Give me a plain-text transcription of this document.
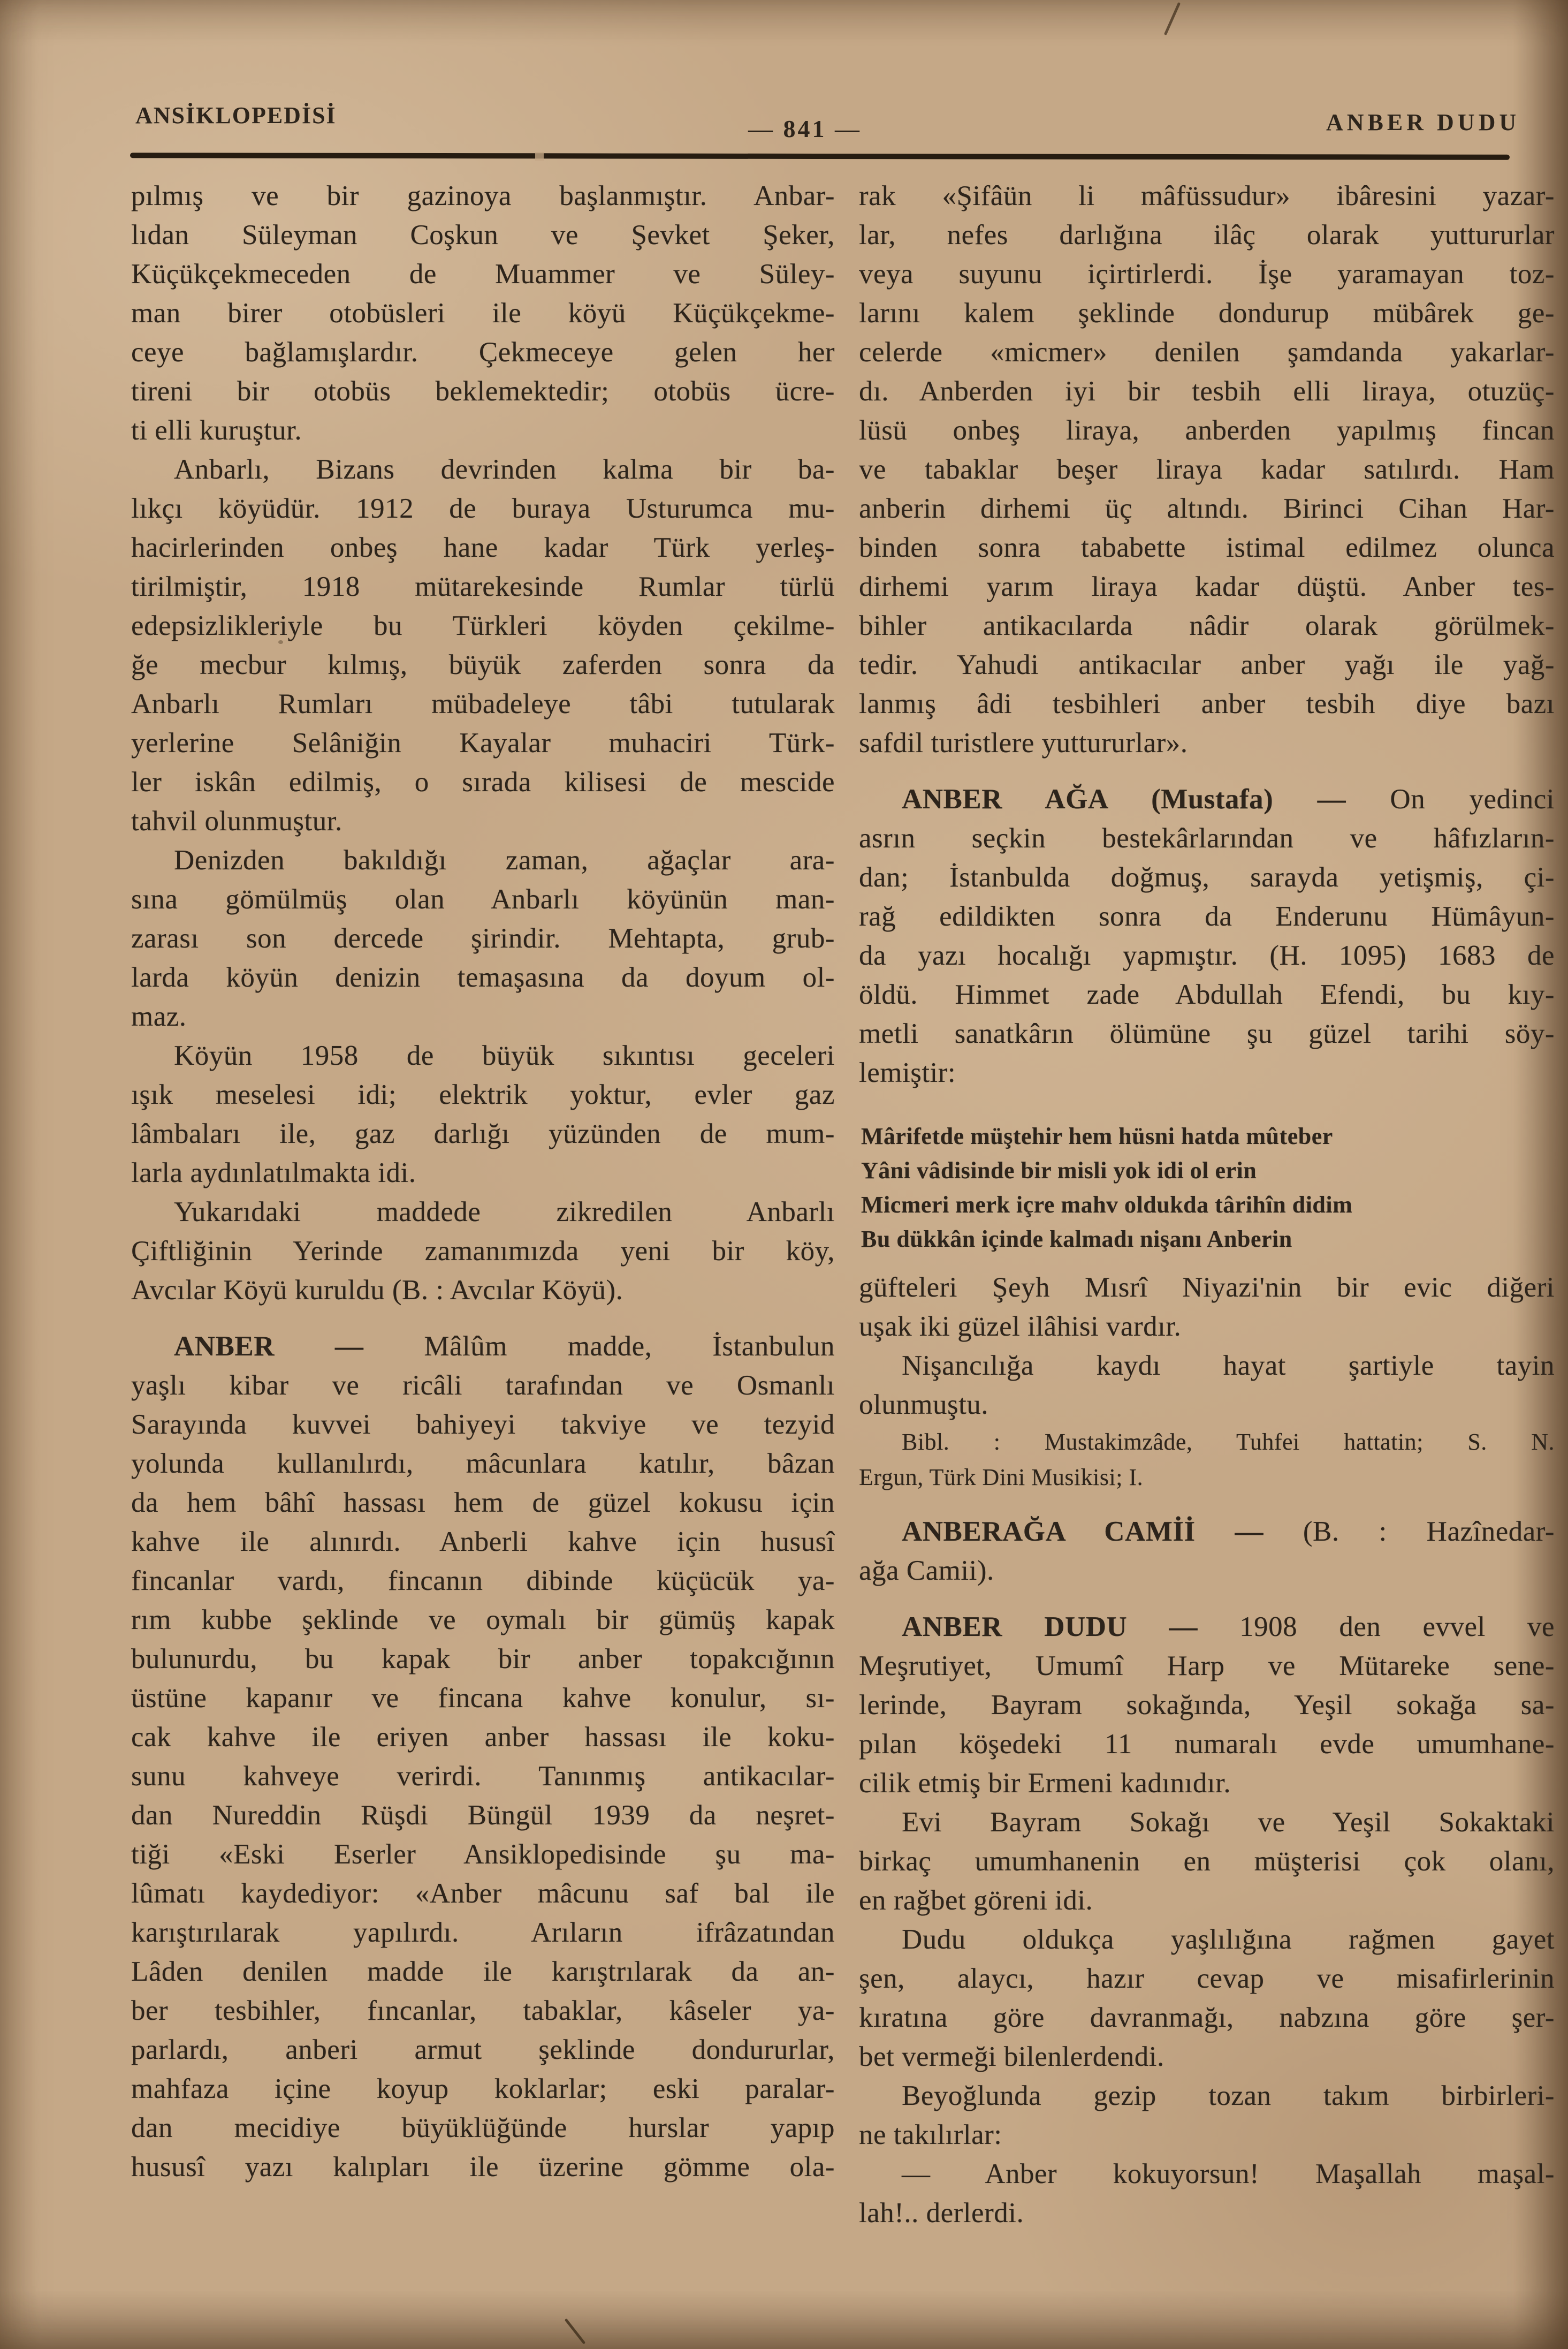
ANSİKLOPEDİSİ	— 841 —	ANBER DUDU
pılmış ve bir gazinoya başlanmıştır. Anbar-
lıdan Süleyman Coşkun ve Şevket Şeker,
Küçükçekmeceden de Muammer ve Süley-
man birer otobüsleri ile köyü Küçükçekme-
ceye bağlamışlardır. Çekmeceye gelen her
tireni bir otobüs beklemektedir; otobüs ücre-
ti elli kuruştur.
Anbarlı, Bizans devrinden kalma bir ba-
lıkçı köyüdür. 1912 de buraya Usturumca mu-
hacirlerinden onbeş hane kadar Türk yerleş-
tirilmiştir, 1918 mütarekesinde Rumlar türlü
edepsizlikleriyle bu Türkleri köyden çekilme-
ğe mecbur kılmış, büyük zaferden sonra da
Anbarlı Rumları mübadeleye tâbi tutularak
yerlerine Selâniğin Kayalar muhaciri Türk-
ler iskân edilmiş, o sırada kilisesi de mescide
tahvil olunmuştur.
Denizden bakıldığı zaman, ağaçlar ara-
sına gömülmüş olan Anbarlı köyünün man-
zarası son dercede şirindir. Mehtapta, grub-
larda köyün denizin temaşasına da doyum ol-
maz.
Köyün 1958 de büyük sıkıntısı geceleri
ışık meselesi idi; elektrik yoktur, evler gaz
lâmbaları ile, gaz darlığı yüzünden de mum-
larla aydınlatılmakta idi.
Yukarıdaki maddede zikredilen Anbarlı
Çiftliğinin Yerinde zamanımızda yeni bir köy,
Avcılar Köyü kuruldu (B. : Avcılar Köyü).
ANBER — Mâlûm madde, İstanbulun
yaşlı kibar ve ricâli tarafından ve Osmanlı
Sarayında kuvvei bahiyeyi takviye ve tezyid
yolunda kullanılırdı, mâcunlara katılır, bâzan
da hem bâhî hassası hem de güzel kokusu için
kahve ile alınırdı. Anberli kahve için hususî
fincanlar vardı, fincanın dibinde küçücük ya-
rım kubbe şeklinde ve oymalı bir gümüş kapak
bulunurdu, bu kapak bir anber topakcığının
üstüne kapanır ve fincana kahve konulur, sı-
cak kahve ile eriyen anber hassası ile koku-
sunu kahveye verirdi. Tanınmış antikacılar-
dan Nureddin Rüşdi Büngül 1939 da neşret-
tiği «Eski Eserler Ansiklopedisinde şu ma-
lûmatı kaydediyor: «Anber mâcunu saf bal ile
karıştırılarak yapılırdı. Arıların ifrâzatından
Lâden denilen madde ile karıştrılarak da an-
ber tesbihler, fıncanlar, tabaklar, kâseler ya-
parlardı, anberi armut şeklinde dondururlar,
mahfaza içine koyup koklarlar; eski paralar-
dan mecidiye büyüklüğünde hurslar yapıp
hususî yazı kalıpları ile üzerine gömme ola-
rak «Şifâün li mâfüssudur» ibâresini yazar-
lar, nefes darlığına ilâç olarak yuttururlar
veya suyunu içirtirlerdi. İşe yaramayan toz-
larını kalem şeklinde dondurup mübârek ge-
celerde «micmer» denilen şamdanda yakarlar-
dı. Anberden iyi bir tesbih elli liraya, otuzüç-
lüsü onbeş liraya, anberden yapılmış fincan
ve tabaklar beşer liraya kadar satılırdı. Ham
anberin dirhemi üç altındı. Birinci Cihan Har-
binden sonra tababette istimal edilmez olunca
dirhemi yarım liraya kadar düştü. Anber tes-
bihler antikacılarda nâdir olarak görülmek-
tedir. Yahudi antikacılar anber yağı ile yağ-
lanmış âdi tesbihleri anber tesbih diye bazı
safdil turistlere yuttururlar».
ANBER AĞA (Mustafa) — On yedinci
asrın seçkin bestekârlarından ve hâfızların-
dan; İstanbulda doğmuş, sarayda yetişmiş, çi-
rağ edildikten sonra da Enderunu Hümâyun-
da yazı hocalığı yapmıştır. (H. 1095) 1683 de
öldü. Himmet zade Abdullah Efendi, bu kıy-
metli sanatkârın ölümüne şu güzel tarihi söy-
lemiştir:
Mârifetde müştehir hem hüsni hatda mûteber
Yâni vâdisinde bir misli yok idi ol erin
Micmeri merk içre mahv oldukda târihîn didim
Bu dükkân içinde kalmadı nişanı Anberin
güfteleri Şeyh Mısrî Niyazi'nin bir evic diğeri
uşak iki güzel ilâhisi vardır.
Nişancılığa kaydı hayat şartiyle tayin
olunmuştu.
Bibl. : Mustakimzâde, Tuhfei hattatin; S. N.
Ergun, Türk Dini Musikisi; I.
ANBERAĞA CAMİİ — (B. : Hazînedar-
ağa Camii).
ANBER DUDU — 1908 den evvel ve
Meşrutiyet, Umumî Harp ve Mütareke sene-
lerinde, Bayram sokağında, Yeşil sokağa sa-
pılan köşedeki 11 numaralı evde umumhane-
cilik etmiş bir Ermeni kadınıdır.
Evi Bayram Sokağı ve Yeşil Sokaktaki
birkaç umumhanenin en müşterisi çok olanı,
en rağbet göreni idi.
Dudu oldukça yaşlılığına rağmen gayet
şen, alaycı, hazır cevap ve misafirlerinin
kıratına göre davranmağı, nabzına göre şer-
bet vermeği bilenlerdendi.
Beyoğlunda gezip tozan takım birbirleri-
ne takılırlar:
— Anber kokuyorsun! Maşallah maşal-
lah!.. derlerdi.
